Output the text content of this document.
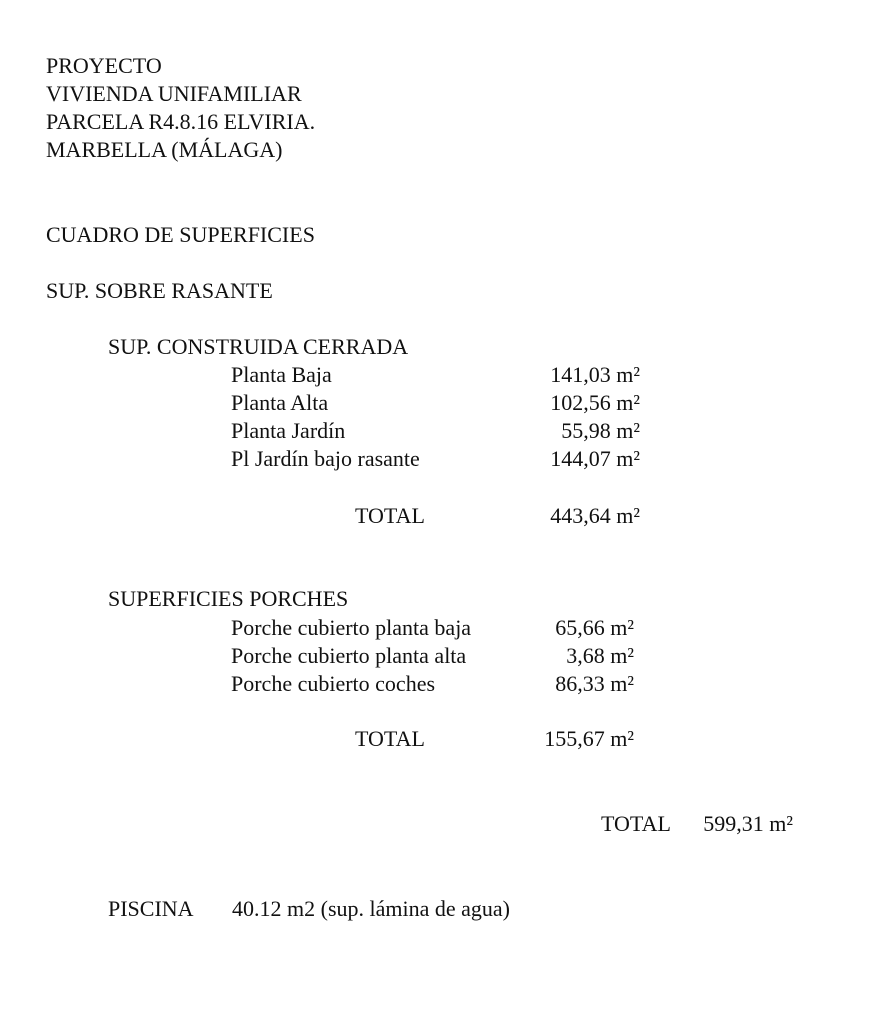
PROYECTO
VIVIENDA UNIFAMILIAR
PARCELA R4.8.16 ELVIRIA.
MARBELLA (MÁLAGA)
CUADRO DE SUPERFICIES
SUP. SOBRE RASANTE
SUP. CONSTRUIDA CERRADA
Planta Baja	141,03 m²
Planta Alta	102,56 m²
Planta Jardín	55,98 m²
Pl Jardín bajo rasante	144,07 m²
TOTAL	443,64 m²
SUPERFICIES PORCHES
Porche cubierto planta baja	65,66 m²
Porche cubierto planta alta	3,68 m²
Porche cubierto coches	86,33 m²
TOTAL	155,67 m²
TOTAL 599,31 m²
PISCINA 40.12 m2 (sup. lámina de agua)
